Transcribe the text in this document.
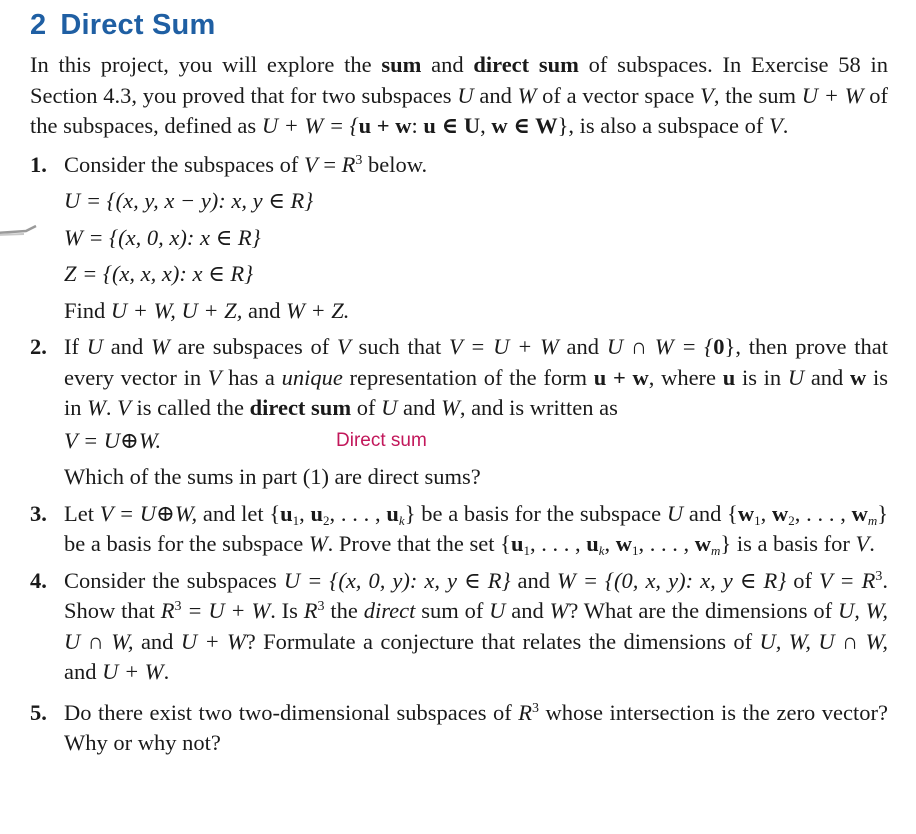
2 Direct Sum
In this project, you will explore the sum and direct sum of subspaces. In Exercise 58 in Section 4.3, you proved that for two subspaces U and W of a vector space V, the sum U + W of the subspaces, defined as U + W = {u + w: u ∈ U, w ∈ W}, is also a subspace of V.
1. Consider the subspaces of $V = R^3$ below.
U = {(x, y, x − y): x, y ∈ R}
W = {(x, 0, x): x ∈ R}
Z = {(x, x, x): x ∈ R}
Find U + W, U + Z, and W + Z.
2. If U and W are subspaces of V such that V = U + W and U ∩ W = {0}, then prove that every vector in V has a unique representation of the form u + w, where u is in U and w is in W. V is called the direct sum of U and W, and is written as
V = U⊕W.	Direct sum
Which of the sums in part (1) are direct sums?
3. Let V = U⊕W, and let {$u_1$, $u_2$, . . . , $u_k$} be a basis for the subspace U and {$w_1$, $w_2$, . . . , $w_m$} be a basis for the subspace W. Prove that the set {$u_1$, . . . , $u_k$, $w_1$, . . . , $w_m$} is a basis for V.
4. Consider the subspaces U = {(x, 0, y): x, y ∈ R} and W = {(0, x, y): x, y ∈ R} of $V = R^3$. Show that $R^3 = U + W$. Is $R^3$ the direct sum of U and W? What are the dimensions of U, W, U ∩ W, and U + W? Formulate a conjecture that relates the dimensions of U, W, U ∩ W, and U + W.
5. Do there exist two two-dimensional subspaces of $R^3$ whose intersection is the zero vector? Why or why not?
